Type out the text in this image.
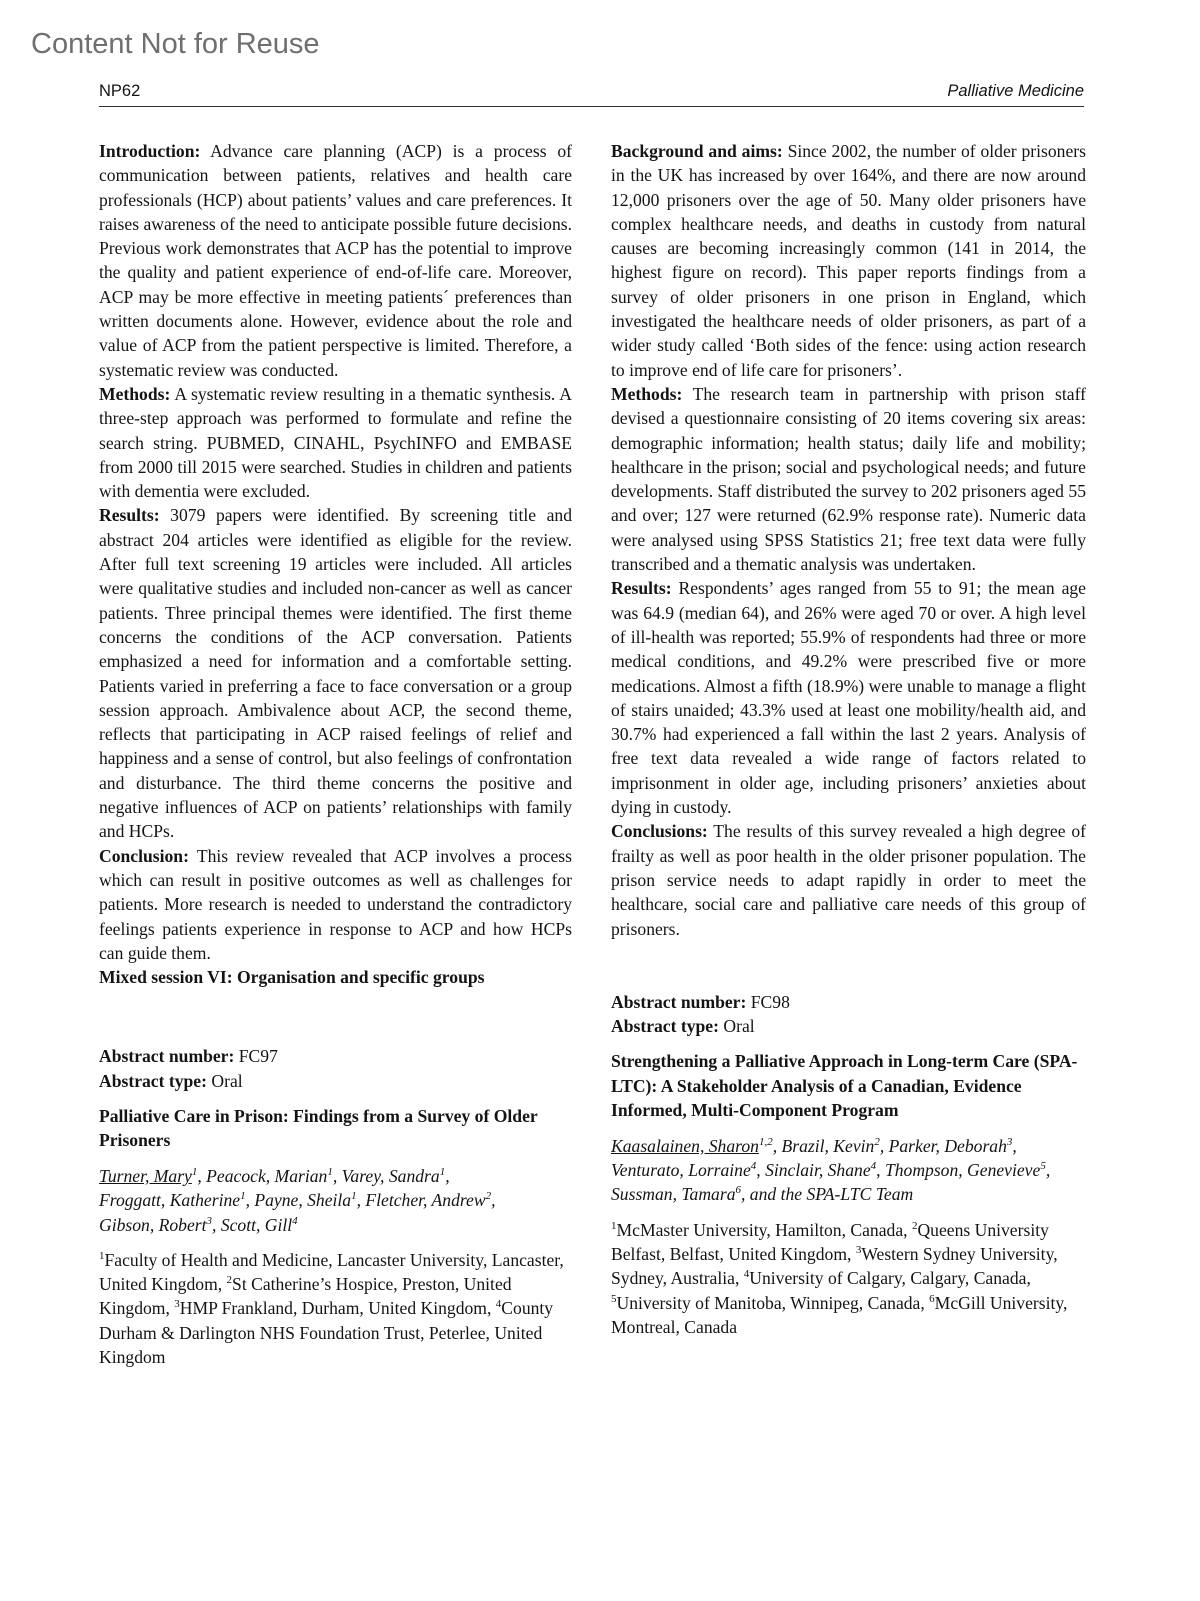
Content Not for Reuse
NP62	Palliative Medicine

Introduction: Advance care planning (ACP) is a process of communication between patients, relatives and health care professionals (HCP) about patients’ values and care preferences. It raises awareness of the need to anticipate possible future decisions. Previous work demonstrates that ACP has the potential to improve the quality and patient experience of end-of-life care. Moreover, ACP may be more effective in meeting patients´ preferences than written documents alone. However, evidence about the role and value of ACP from the patient perspective is limited. Therefore, a systematic review was conducted.

Methods: A systematic review resulting in a thematic synthesis. A three-step approach was performed to formulate and refine the search string. PUBMED, CINAHL, PsychINFO and EMBASE from 2000 till 2015 were searched. Studies in children and patients with dementia were excluded.

Results: 3079 papers were identified. By screening title and abstract 204 articles were identified as eligible for the review. After full text screening 19 articles were included. All articles were qualitative studies and included non-cancer as well as cancer patients. Three principal themes were identified. The first theme concerns the conditions of the ACP conversation. Patients emphasized a need for information and a comfortable setting. Patients varied in preferring a face to face conversation or a group session approach. Ambivalence about ACP, the second theme, reflects that participating in ACP raised feelings of relief and happiness and a sense of control, but also feelings of confrontation and disturbance. The third theme concerns the positive and negative influences of ACP on patients’ relationships with family and HCPs.

Conclusion: This review revealed that ACP involves a process which can result in positive outcomes as well as challenges for patients. More research is needed to understand the contradictory feelings patients experience in response to ACP and how HCPs can guide them.

Mixed session VI: Organisation and specific groups

Abstract number: FC97

Abstract type: Oral

Palliative Care in Prison: Findings from a Survey of Older Prisoners

Turner, Mary$^1$, Peacock, Marian$^1$, Varey, Sandra$^1$,
Froggatt, Katherine$^1$, Payne, Sheila$^1$, Fletcher, Andrew$^2$,
Gibson, Robert$^3$, Scott, Gill$^4$

$^1$Faculty of Health and Medicine, Lancaster University, Lancaster, United Kingdom, $^2$St Catherine’s Hospice, Preston, United Kingdom, $^3$HMP Frankland, Durham, United Kingdom, $^4$County Durham & Darlington NHS Foundation Trust, Peterlee, United Kingdom

Background and aims: Since 2002, the number of older prisoners in the UK has increased by over 164%, and there are now around 12,000 prisoners over the age of 50. Many older prisoners have complex healthcare needs, and deaths in custody from natural causes are becoming increasingly common (141 in 2014, the highest figure on record). This paper reports findings from a survey of older prisoners in one prison in England, which investigated the healthcare needs of older prisoners, as part of a wider study called ‘Both sides of the fence: using action research to improve end of life care for prisoners’.

Methods: The research team in partnership with prison staff devised a questionnaire consisting of 20 items covering six areas: demographic information; health status; daily life and mobility; healthcare in the prison; social and psychological needs; and future developments. Staff distributed the survey to 202 prisoners aged 55 and over; 127 were returned (62.9% response rate). Numeric data were analysed using SPSS Statistics 21; free text data were fully transcribed and a thematic analysis was undertaken.

Results: Respondents’ ages ranged from 55 to 91; the mean age was 64.9 (median 64), and 26% were aged 70 or over. A high level of ill-health was reported; 55.9% of respondents had three or more medical conditions, and 49.2% were prescribed five or more medications. Almost a fifth (18.9%) were unable to manage a flight of stairs unaided; 43.3% used at least one mobility/health aid, and 30.7% had experienced a fall within the last 2 years. Analysis of free text data revealed a wide range of factors related to imprisonment in older age, including prisoners’ anxieties about dying in custody.

Conclusions: The results of this survey revealed a high degree of frailty as well as poor health in the older prisoner population. The prison service needs to adapt rapidly in order to meet the healthcare, social care and palliative care needs of this group of prisoners.

Abstract number: FC98

Abstract type: Oral

Strengthening a Palliative Approach in Long-term Care (SPA-LTC): A Stakeholder Analysis of a Canadian, Evidence Informed, Multi-Component Program

Kaasalainen, Sharon$^{1,2}$, Brazil, Kevin$^2$, Parker, Deborah$^3$,
Venturato, Lorraine$^4$, Sinclair, Shane$^4$, Thompson, Genevieve$^5$,
Sussman, Tamara$^6$, and the SPA-LTC Team

$^1$McMaster University, Hamilton, Canada, $^2$Queens University Belfast, Belfast, United Kingdom, $^3$Western Sydney University, Sydney, Australia, $^4$University of Calgary, Calgary, Canada, $^5$University of Manitoba, Winnipeg, Canada, $^6$McGill University, Montreal, Canada
